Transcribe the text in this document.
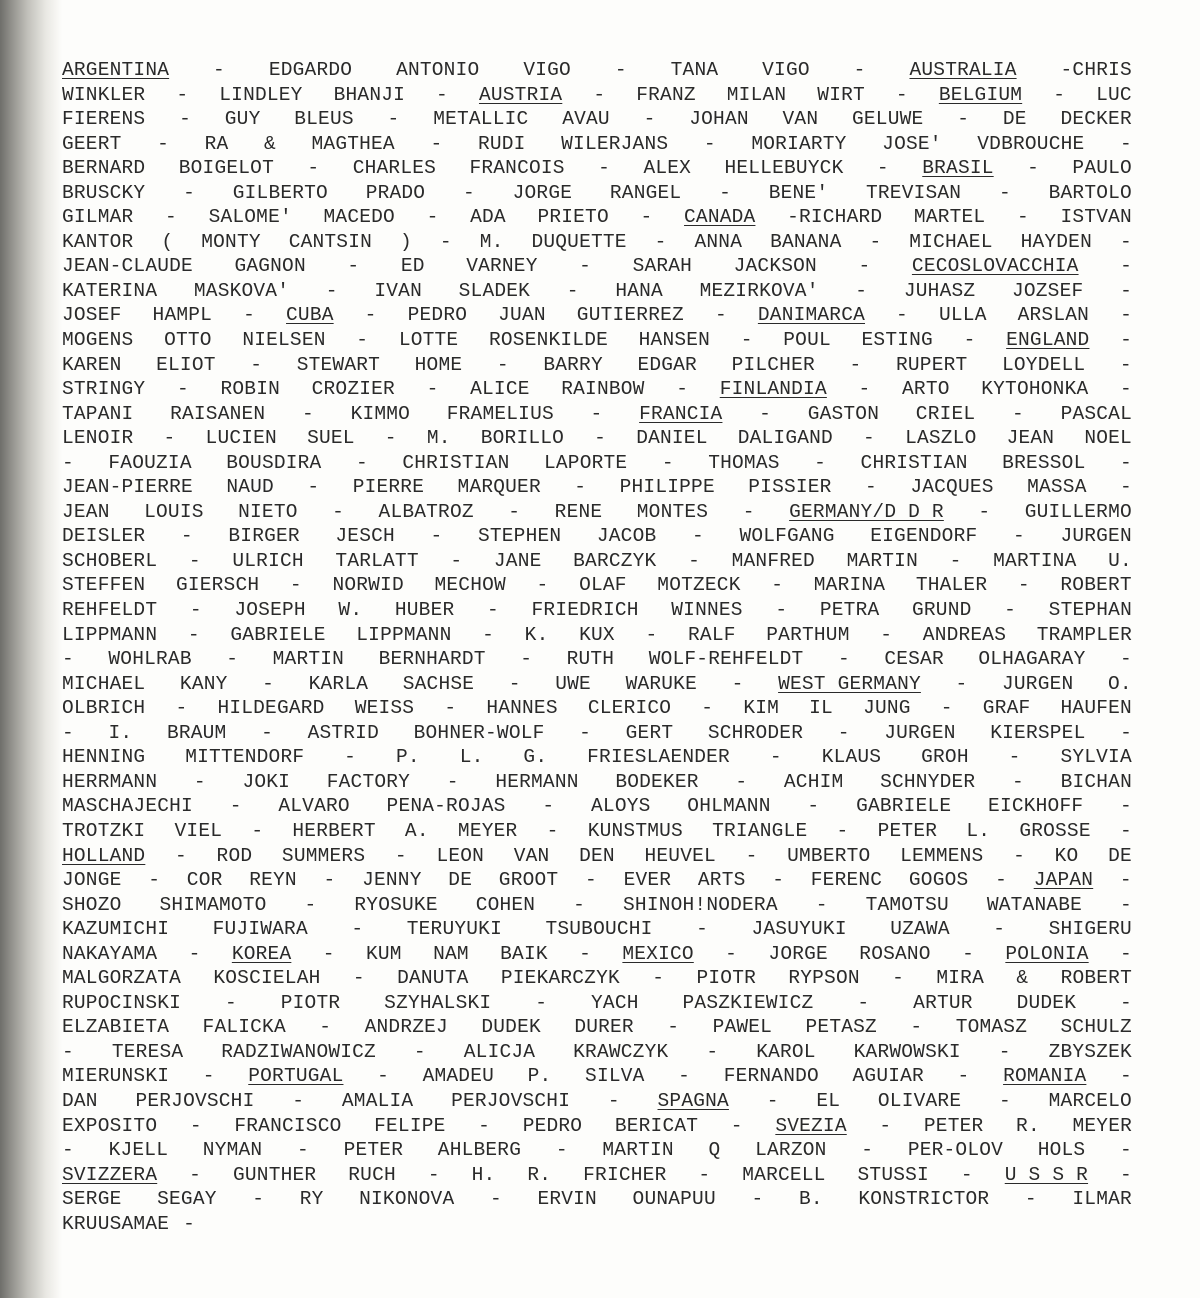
ARGENTINA - EDGARDO ANTONIO VIGO - TANA VIGO - AUSTRALIA -CHRIS
WINKLER - LINDLEY BHANJI - AUSTRIA - FRANZ MILAN WIRT - BELGIUM - LUC
FIERENS - GUY BLEUS - METALLIC AVAU - JOHAN VAN GELUWE - DE DECKER
GEERT - RA & MAGTHEA - RUDI WILERJANS - MORIARTY JOSE' VDBROUCHE -
BERNARD BOIGELOT - CHARLES FRANCOIS - ALEX HELLEBUYCK - BRASIL - PAULO
BRUSCKY - GILBERTO PRADO - JORGE RANGEL - BENE' TREVISAN - BARTOLO
GILMAR - SALOME' MACEDO - ADA PRIETO - CANADA -RICHARD MARTEL - ISTVAN
KANTOR ( MONTY CANTSIN ) - M. DUQUETTE - ANNA BANANA - MICHAEL HAYDEN -
JEAN-CLAUDE GAGNON - ED VARNEY - SARAH JACKSON - CECOSLOVACCHIA -
KATERINA MASKOVA' - IVAN SLADEK - HANA MEZIRKOVA' - JUHASZ JOZSEF -
JOSEF HAMPL - CUBA - PEDRO JUAN GUTIERREZ - DANIMARCA - ULLA ARSLAN -
MOGENS OTTO NIELSEN - LOTTE ROSENKILDE HANSEN - POUL ESTING - ENGLAND -
KAREN ELIOT - STEWART HOME - BARRY EDGAR PILCHER - RUPERT LOYDELL -
STRINGY - ROBIN CROZIER - ALICE RAINBOW - FINLANDIA - ARTO KYTOHONKA -
TAPANI RAISANEN - KIMMO FRAMELIUS - FRANCIA - GASTON CRIEL - PASCAL
LENOIR - LUCIEN SUEL - M. BORILLO - DANIEL DALIGAND - LASZLO JEAN NOEL
- FAOUZIA BOUSDIRA - CHRISTIAN LAPORTE - THOMAS - CHRISTIAN BRESSOL -
JEAN-PIERRE NAUD - PIERRE MARQUER - PHILIPPE PISSIER - JACQUES MASSA -
JEAN LOUIS NIETO - ALBATROZ - RENE MONTES - GERMANY/D D R - GUILLERMO
DEISLER - BIRGER JESCH - STEPHEN JACOB - WOLFGANG EIGENDORF - JURGEN
SCHOBERL - ULRICH TARLATT - JANE BARCZYK - MANFRED MARTIN - MARTINA U.
STEFFEN GIERSCH - NORWID MECHOW - OLAF MOTZECK - MARINA THALER - ROBERT
REHFELDT - JOSEPH W. HUBER - FRIEDRICH WINNES - PETRA GRUND - STEPHAN
LIPPMANN - GABRIELE LIPPMANN - K. KUX - RALF PARTHUM - ANDREAS TRAMPLER
- WOHLRAB - MARTIN BERNHARDT - RUTH WOLF-REHFELDT - CESAR OLHAGARAY -
MICHAEL KANY - KARLA SACHSE - UWE WARUKE - WEST GERMANY - JURGEN O.
OLBRICH - HILDEGARD WEISS - HANNES CLERICO - KIM IL JUNG - GRAF HAUFEN
- I. BRAUM - ASTRID BOHNER-WOLF - GERT SCHRODER - JURGEN KIERSPEL -
HENNING MITTENDORF - P. L. G. FRIESLAENDER - KLAUS GROH - SYLVIA
HERRMANN - JOKI FACTORY - HERMANN BODEKER - ACHIM SCHNYDER - BICHAN
MASCHAJECHI - ALVARO PENA-ROJAS - ALOYS OHLMANN - GABRIELE EICKHOFF -
TROTZKI VIEL - HERBERT A. MEYER - KUNSTMUS TRIANGLE - PETER L. GROSSE -
HOLLAND - ROD SUMMERS - LEON VAN DEN HEUVEL - UMBERTO LEMMENS - KO DE
JONGE - COR REYN - JENNY DE GROOT - EVER ARTS - FERENC GOGOS - JAPAN -
SHOZO SHIMAMOTO - RYOSUKE COHEN - SHINOH!NODERA - TAMOTSU WATANABE -
KAZUMICHI FUJIWARA - TERUYUKI TSUBOUCHI - JASUYUKI UZAWA - SHIGERU
NAKAYAMA - KOREA - KUM NAM BAIK - MEXICO - JORGE ROSANO - POLONIA -
MALGORZATA KOSCIELAH - DANUTA PIEKARCZYK - PIOTR RYPSON - MIRA & ROBERT
RUPOCINSKI - PIOTR SZYHALSKI - YACH PASZKIEWICZ - ARTUR DUDEK -
ELZABIETA FALICKA - ANDRZEJ DUDEK DURER - PAWEL PETASZ - TOMASZ SCHULZ
- TERESA RADZIWANOWICZ - ALICJA KRAWCZYK - KAROL KARWOWSKI - ZBYSZEK
MIERUNSKI - PORTUGAL - AMADEU P. SILVA - FERNANDO AGUIAR - ROMANIA -
DAN PERJOVSCHI - AMALIA PERJOVSCHI - SPAGNA - EL OLIVARE - MARCELO
EXPOSITO - FRANCISCO FELIPE - PEDRO BERICAT - SVEZIA - PETER R. MEYER
- KJELL NYMAN - PETER AHLBERG - MARTIN Q LARZON - PER-OLOV HOLS -
SVIZZERA - GUNTHER RUCH - H. R. FRICHER - MARCELL STUSSI - U S S R -
SERGE SEGAY - RY NIKONOVA - ERVIN OUNAPUU - B. KONSTRICTOR - ILMAR
KRUUSAMAE -
